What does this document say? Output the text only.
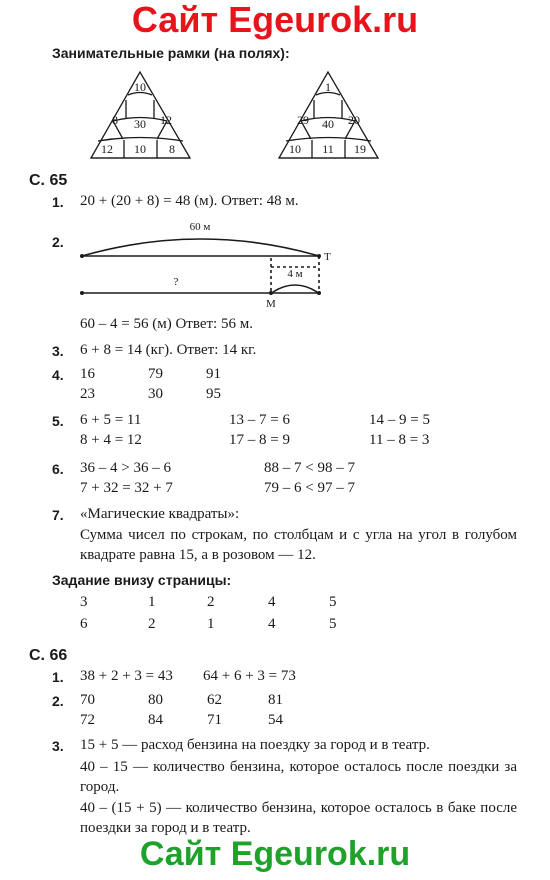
Сайт Egeurok.ru
Сайт Egeurok.ru
Занимательные рамки (на полях):
10
8 30 12
12 10 8
1
29 40 20
10 11 19
С. 65
1. 20 + (20 + 8) = 48 (м). Ответ: 48 м.
2.
60 м
?
4 м
Т
М
60 – 4 = 56 (м) Ответ: 56 м.
3. 6 + 8 = 14 (кг). Ответ: 14 кг.
4. 16	79	91
23	30	95
5. 6 + 5 = 11	13 – 7 = 6	14 – 9 = 5
8 + 4 = 12	17 – 8 = 9	11 – 8 = 3
6. 36 – 4 > 36 – 6	88 – 7 < 98 – 7
7 + 32 = 32 + 7	79 – 6 < 97 – 7
7. «Магические квадраты»:
Сумма чисел по строкам, по столбцам и с угла на угол в голубом квадрате равна 15, а в розовом — 12.
Задание внизу страницы:
3	1	2	4	5
6	2	1	4	5
С. 66
1. 38 + 2 + 3 = 43 64 + 6 + 3 = 73
2. 70	80	62	81
72	84	71	54
3. 15 + 5 — расход бензина на поездку за город и в театр.
40 – 15 — количество бензина, которое осталось после поездки за город.
40 – (15 + 5) — количество бензина, которое осталось в баке после поездки за город и в театр.
